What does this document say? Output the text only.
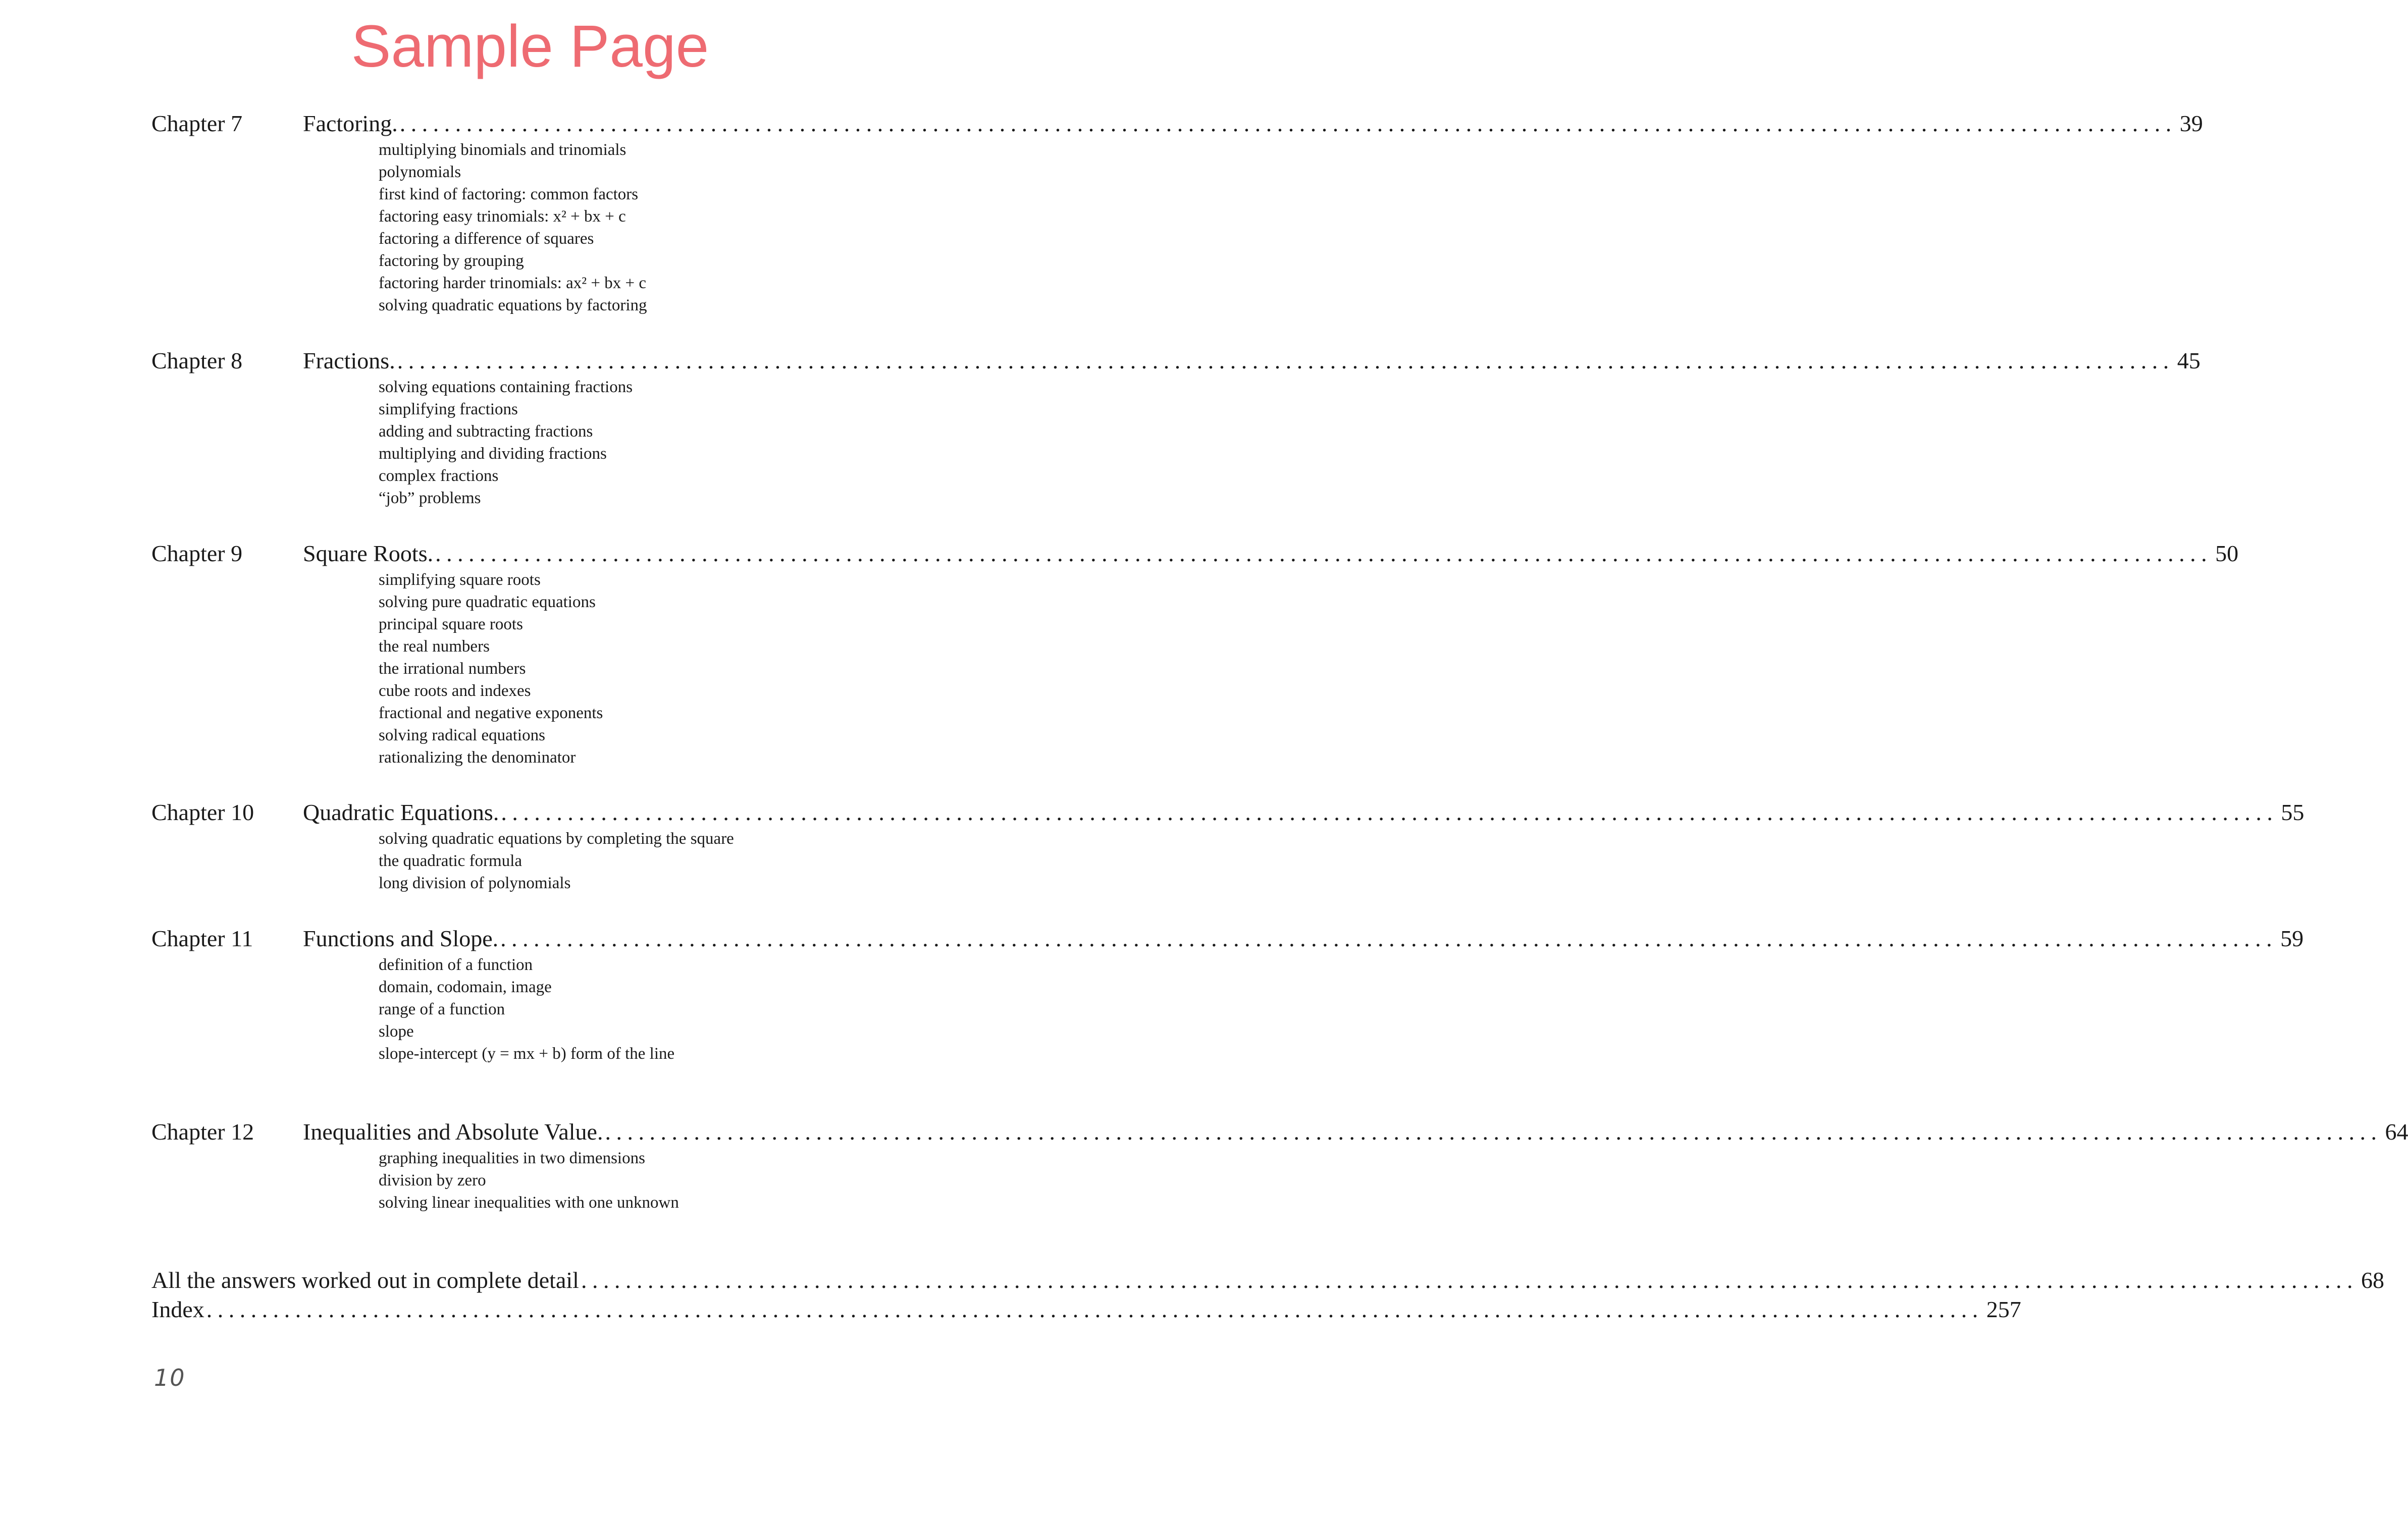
Sample Page
Chapter 7	Factoring. ................................................................................................................................................................ 39
multiplying binomials and trinomials
polynomials
first kind of factoring: common factors
factoring easy trinomials: x² + bx + c
factoring a difference of squares
factoring by grouping
factoring harder trinomials: ax² + bx + c
solving quadratic equations by factoring
Chapter 8	Fractions. ................................................................................................................................................................ 45
solving equations containing fractions
simplifying fractions
adding and subtracting fractions
multiplying and dividing fractions
complex fractions
“job” problems
Chapter 9	Square Roots. ................................................................................................................................................................ 50
simplifying square roots
solving pure quadratic equations
principal square roots
the real numbers
the irrational numbers
cube roots and indexes
fractional and negative exponents
solving radical equations
rationalizing the denominator
Chapter 10 Quadratic Equations. ................................................................................................................................................................ 55
solving quadratic equations by completing the square
the quadratic formula
long division of polynomials
Chapter 11 Functions and Slope. ................................................................................................................................................................ 59
definition of a function
domain, codomain, image
range of a function
slope
slope-intercept (y = mx + b) form of the line
Chapter 12 Inequalities and Absolute Value. ................................................................................................................................................................ 64
graphing inequalities in two dimensions
division by zero
solving linear inequalities with one unknown
All the answers worked out in complete detail ................................................................................................................................................................ 68
Index ................................................................................................................................................................ 257
10
